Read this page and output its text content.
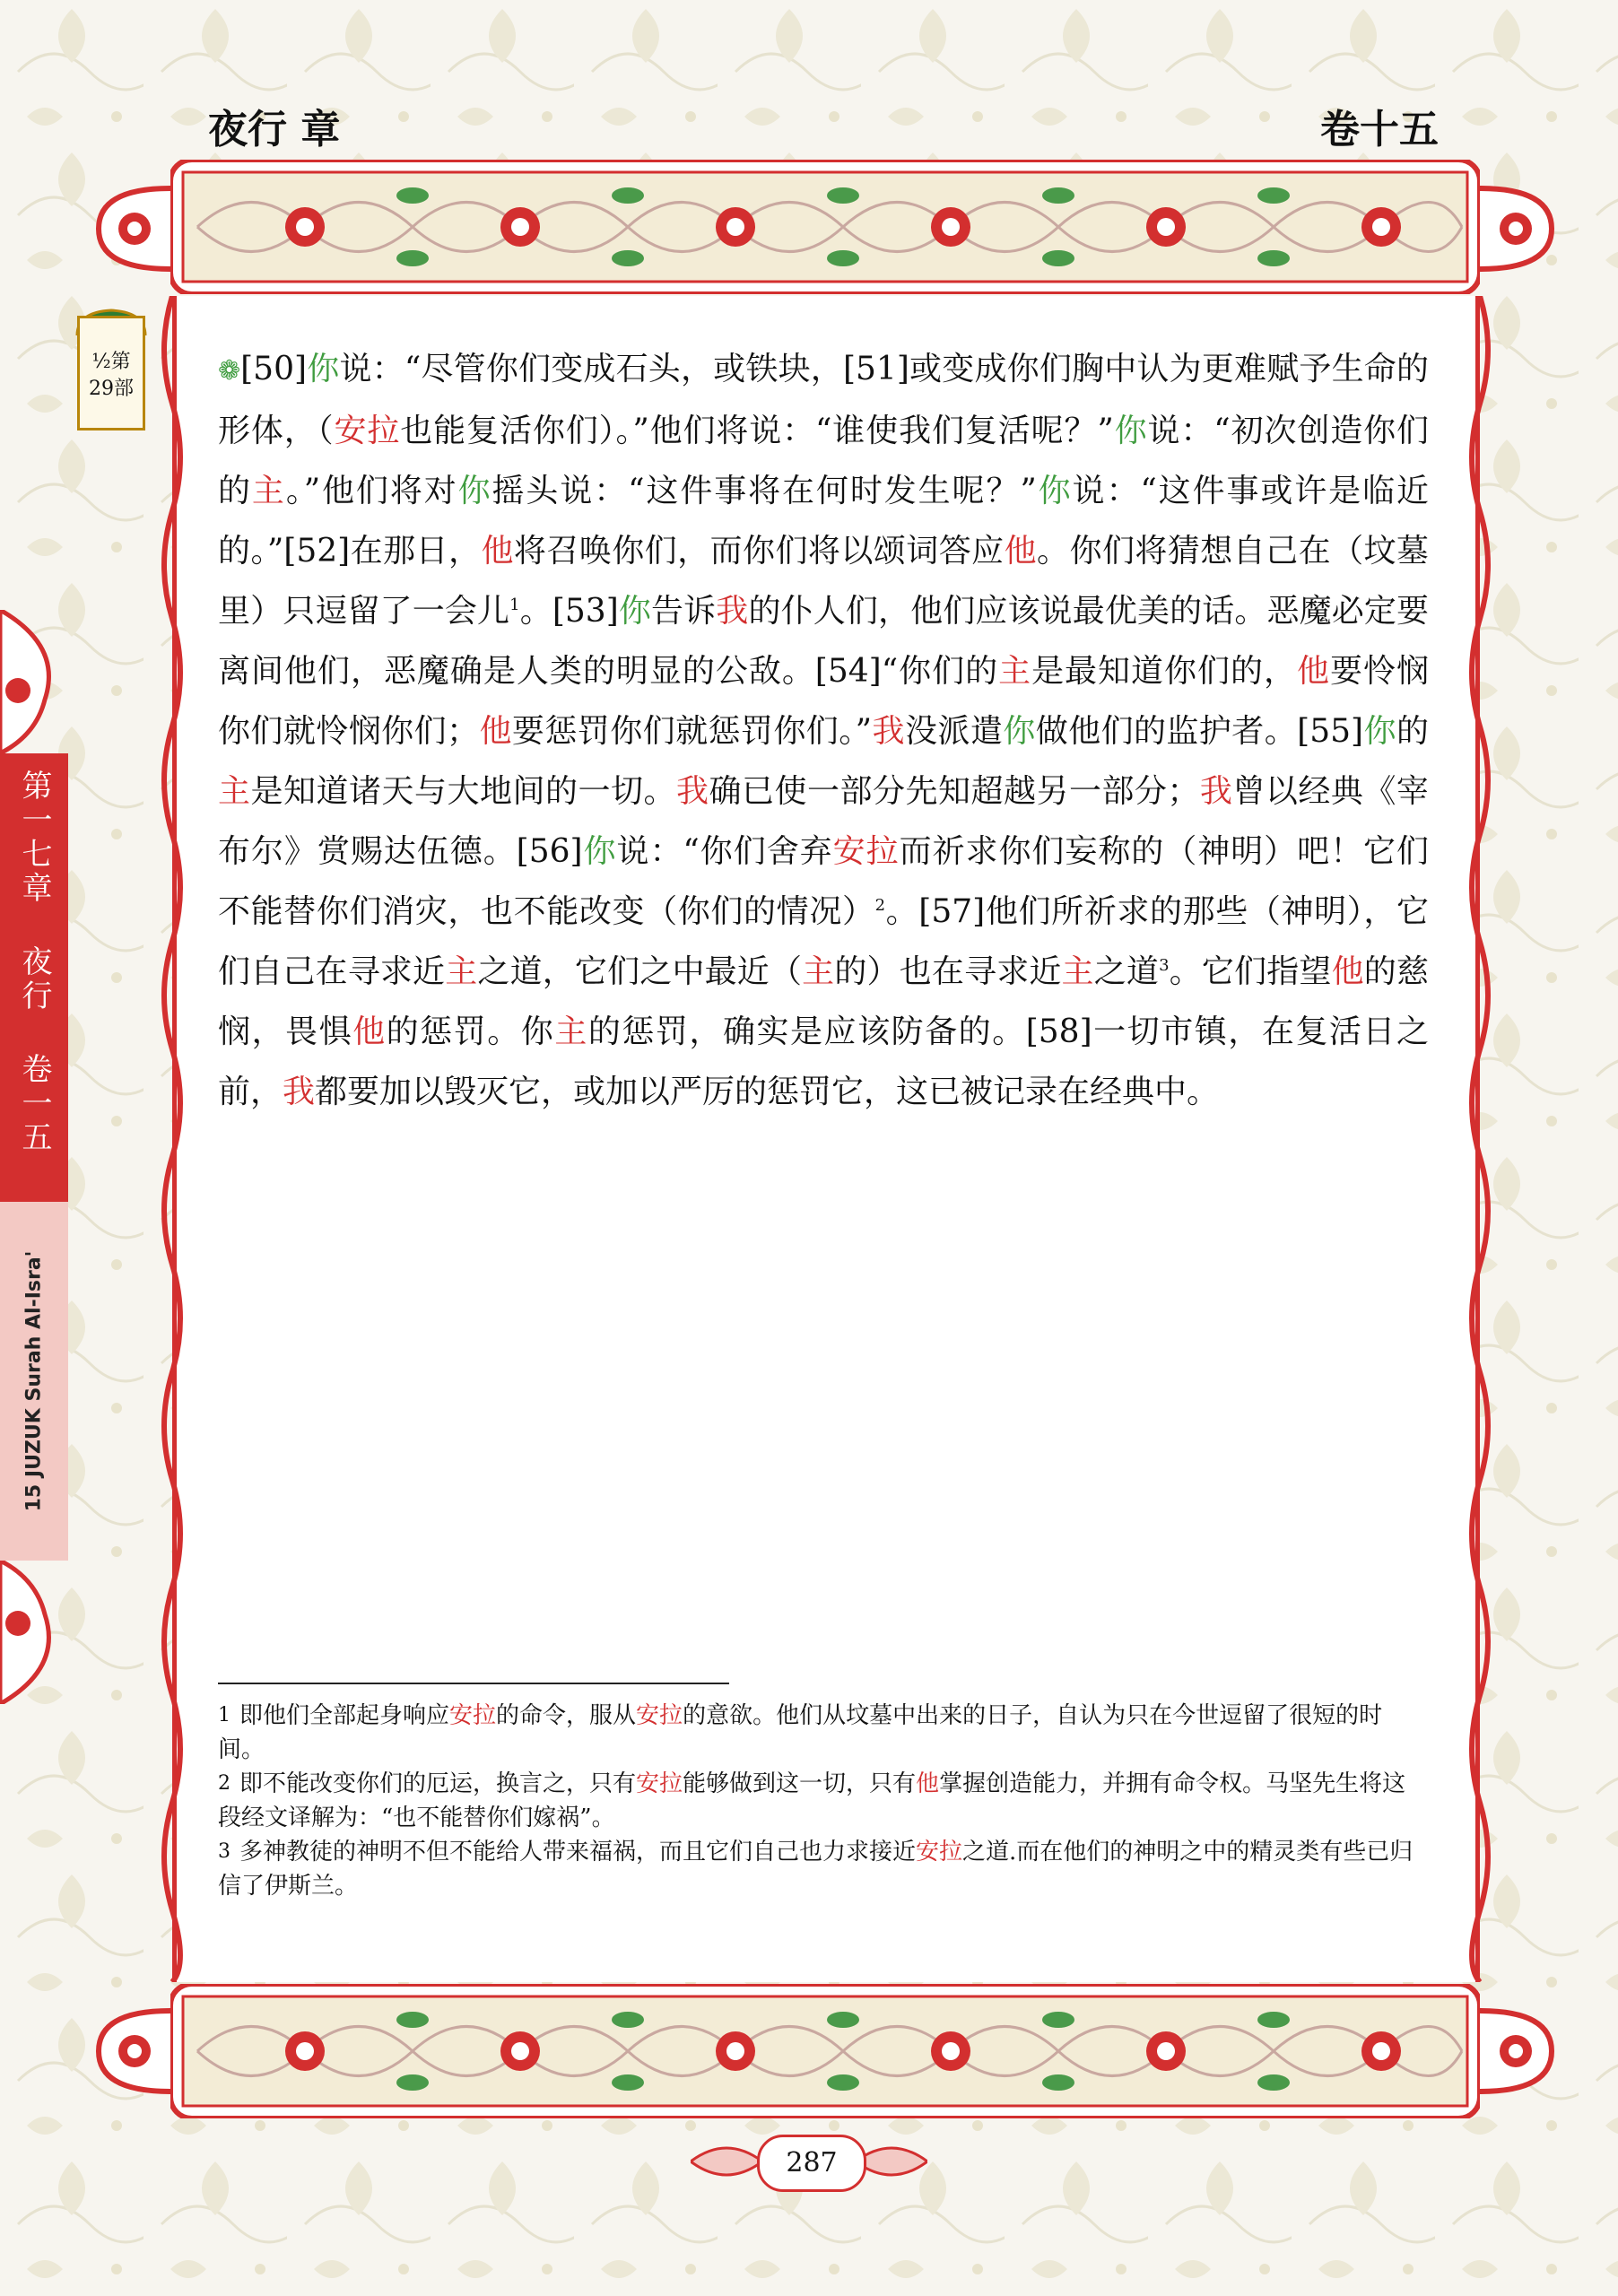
夜行 章	卷十五
½第
29部
第一七章 夜行 卷一五
15 JUZUK Surah Al-Isra'
❁[50]你说：“尽管你们变成石头，或铁块，[51]或变成你们胸中认为更难赋予生命的形体，（安拉也能复活你们）。”他们将说：“谁使我们复活呢？”你说：“初次创造你们的主。”他们将对你摇头说：“这件事将在何时发生呢？”你说：“这件事或许是临近的。”[52]在那日，他将召唤你们，而你们将以颂词答应他。你们将猜想自己在（坟墓里）只逗留了一会儿$^1$。[53]你告诉我的仆人们，他们应该说最优美的话。恶魔必定要离间他们，恶魔确是人类的明显的公敌。[54]“你们的主是最知道你们的，他要怜悯你们就怜悯你们；他要惩罚你们就惩罚你们。”我没派遣你做他们的监护者。[55]你的主是知道诸天与大地间的一切。我确已使一部分先知超越另一部分；我曾以经典《宰布尔》赏赐达伍德。[56]你说：“你们舍弃安拉而祈求你们妄称的（神明）吧！它们不能替你们消灾，也不能改变（你们的情况）$^2$。[57]他们所祈求的那些（神明），它们自己在寻求近主之道，它们之中最近（主的）也在寻求近主之道$^3$。它们指望他的慈悯，畏惧他的惩罚。你主的惩罚，确实是应该防备的。[58]一切市镇，在复活日之前，我都要加以毁灭它，或加以严厉的惩罚它，这已被记录在经典中。

$^1$ 即他们全部起身响应安拉的命令，服从安拉的意欲。他们从坟墓中出来的日子，自认为只在今世逗留了很短的时间。

$^2$ 即不能改变你们的厄运，换言之，只有安拉能够做到这一切，只有他掌握创造能力，并拥有命令权。马坚先生将这段经文译解为：“也不能替你们嫁祸”。

$^3$ 多神教徒的神明不但不能给人带来福祸，而且它们自己也力求接近安拉之道.而在他们的神明之中的精灵类有些已归信了伊斯兰。

287
